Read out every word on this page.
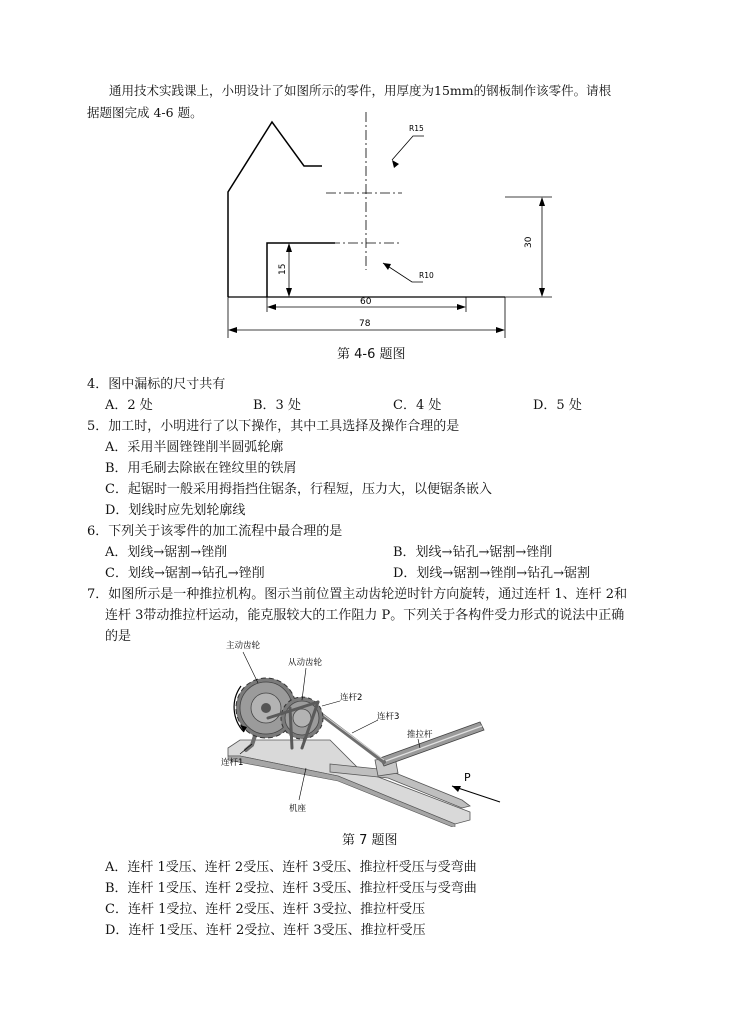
通用技术实践课上，小明设计了如图所示的零件，用厚度为15mm的钢板制作该零件。请根
据题图完成 4-6 题。
R15
R10
30
15
60
78
第 4-6 题图
4．图中漏标的尺寸共有
A．2 处	B．3 处	C．4 处	D．5 处
5．加工时，小明进行了以下操作，其中工具选择及操作合理的是
A．采用半圆锉锉削半圆弧轮廓
B．用毛刷去除嵌在锉纹里的铁屑
C．起锯时一般采用拇指挡住锯条，行程短，压力大，以便锯条嵌入
D．划线时应先划轮廓线
6．下列关于该零件的加工流程中最合理的是
A．划线→锯割→锉削	B．划线→钻孔→锯割→锉削
C．划线→锯割→钻孔→锉削	D．划线→锯割→锉削→钻孔→锯割
7．如图所示是一种推拉机构。图示当前位置主动齿轮逆时针方向旋转，通过连杆 1、连杆 2和
连杆 3带动推拉杆运动，能克服较大的工作阻力 P。下列关于各构件受力形式的说法中正确
的是
主动齿轮
从动齿轮
连杆2
连杆3
推拉杆
连杆1
机座
P
第 7 题图
A．连杆 1受压、连杆 2受压、连杆 3受压、推拉杆受压与受弯曲
B．连杆 1受压、连杆 2受拉、连杆 3受压、推拉杆受压与受弯曲
C．连杆 1受拉、连杆 2受压、连杆 3受拉、推拉杆受压
D．连杆 1受压、连杆 2受拉、连杆 3受压、推拉杆受压
